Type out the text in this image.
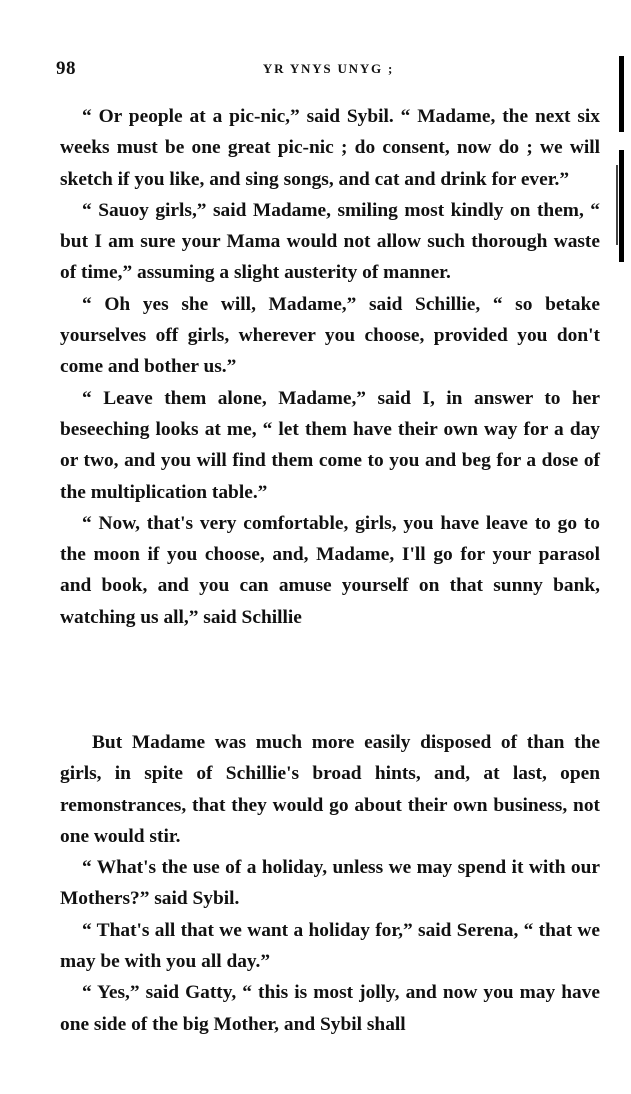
98	YR YNYS UNYG ;

“ Or people at a pic-nic,” said Sybil. “ Madame, the next six weeks must be one great pic-nic ; do consent, now do ; we will sketch if you like, and sing songs, and cat and drink for ever.”

“ Sauoy girls,” said Madame, smiling most kindly on them, “ but I am sure your Mama would not allow such thorough waste of time,” assuming a slight austerity of manner.

“ Oh yes she will, Madame,” said Schillie, “ so betake yourselves off girls, wherever you choose, provided you don't come and bother us.”

“ Leave them alone, Madame,” said I, in answer to her beseeching looks at me, “ let them have their own way for a day or two, and you will find them come to you and beg for a dose of the multiplication table.”

“ Now, that's very comfortable, girls, you have leave to go to the moon if you choose, and, Madame, I'll go for your parasol and book, and you can amuse yourself on that sunny bank, watching us all,” said Schillie

But Madame was much more easily disposed of than the girls, in spite of Schillie's broad hints, and, at last, open remonstrances, that they would go about their own business, not one would stir.

“ What's the use of a holiday, unless we may spend it with our Mothers?” said Sybil.

“ That's all that we want a holiday for,” said Serena, “ that we may be with you all day.”

“ Yes,” said Gatty, “ this is most jolly, and now you may have one side of the big Mother, and Sybil shall
